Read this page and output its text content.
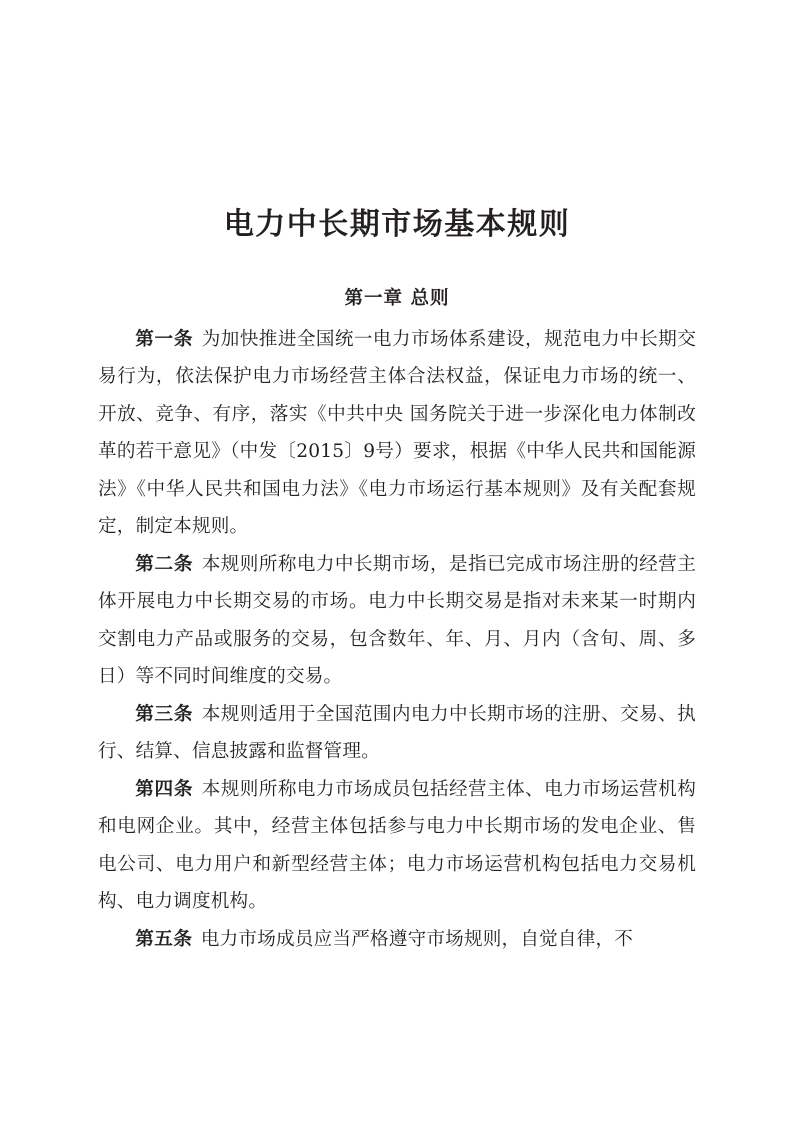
电力中长期市场基本规则
第一章 总则

第一条 为加快推进全国统一电力市场体系建设，规范电力中长期交易行为，依法保护电力市场经营主体合法权益，保证电力市场的统一、开放、竞争、有序，落实《中共中央 国务院关于进一步深化电力体制改革的若干意见》（中发〔2015〕9号）要求，根据《中华人民共和国能源法》《中华人民共和国电力法》《电力市场运行基本规则》及有关配套规定，制定本规则。

第二条 本规则所称电力中长期市场，是指已完成市场注册的经营主体开展电力中长期交易的市场。电力中长期交易是指对未来某一时期内交割电力产品或服务的交易，包含数年、年、月、月内（含旬、周、多日）等不同时间维度的交易。

第三条 本规则适用于全国范围内电力中长期市场的注册、交易、执行、结算、信息披露和监督管理。

第四条 本规则所称电力市场成员包括经营主体、电力市场运营机构和电网企业。其中，经营主体包括参与电力中长期市场的发电企业、售电公司、电力用户和新型经营主体；电力市场运营机构包括电力交易机构、电力调度机构。

第五条 电力市场成员应当严格遵守市场规则，自觉自律，不
